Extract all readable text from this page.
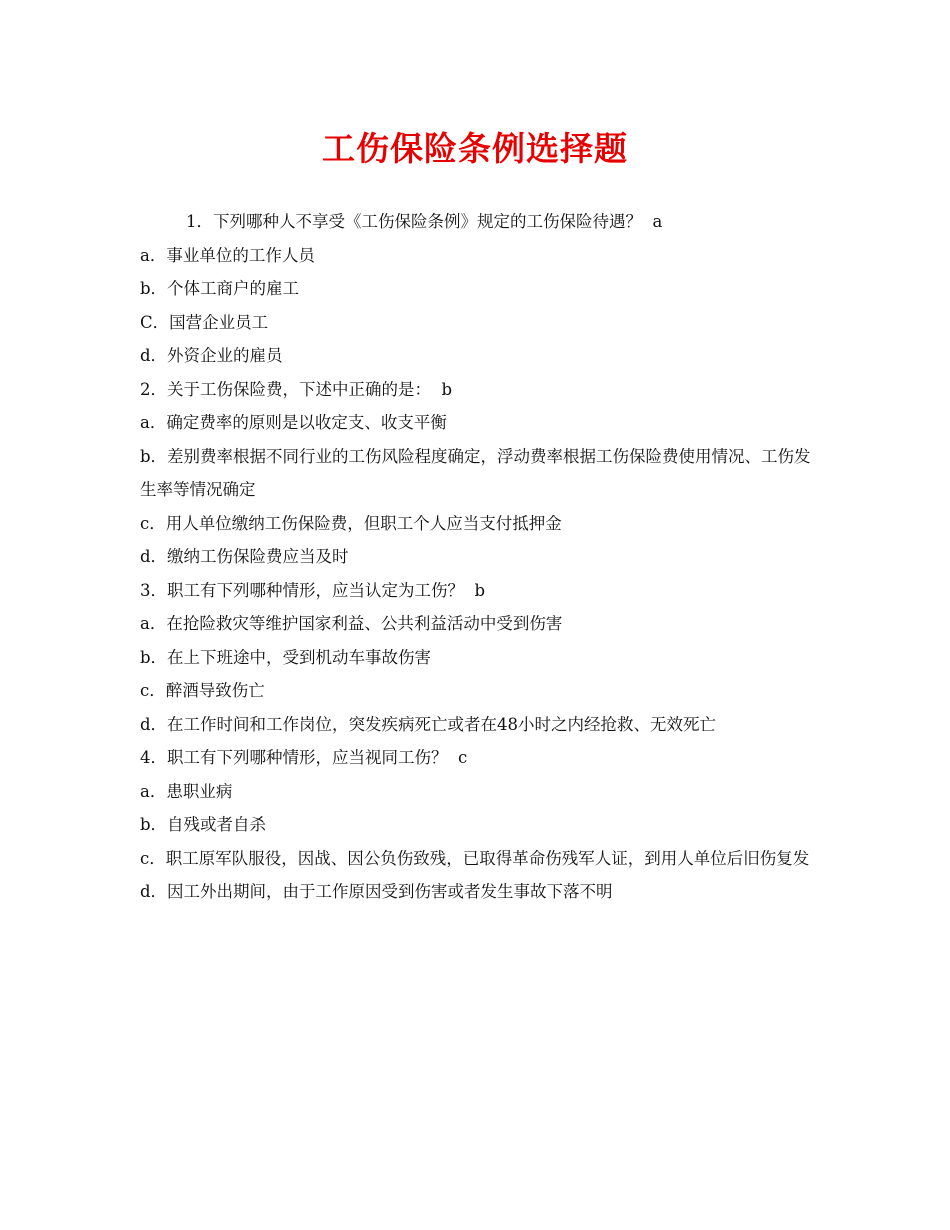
工伤保险条例选择题

1．下列哪种人不享受《工伤保险条例》规定的工伤保险待遇？  a

a．事业单位的工作人员

b．个体工商户的雇工

C．国营企业员工

d．外资企业的雇员

2．关于工伤保险费，下述中正确的是：  b

a．确定费率的原则是以收定支、收支平衡

b．差别费率根据不同行业的工伤风险程度确定，浮动费率根据工伤保险费使用情况、工伤发生率等情况确定

c．用人单位缴纳工伤保险费，但职工个人应当支付抵押金

d．缴纳工伤保险费应当及时

3．职工有下列哪种情形，应当认定为工伤？  b

a．在抢险救灾等维护国家利益、公共利益活动中受到伤害

b．在上下班途中，受到机动车事故伤害

c．醉酒导致伤亡

d．在工作时间和工作岗位，突发疾病死亡或者在48小时之内经抢救、无效死亡

4．职工有下列哪种情形，应当视同工伤？  c

a．患职业病

b．自残或者自杀

c．职工原军队服役，因战、因公负伤致残，已取得革命伤残军人证，到用人单位后旧伤复发

d．因工外出期间，由于工作原因受到伤害或者发生事故下落不明
